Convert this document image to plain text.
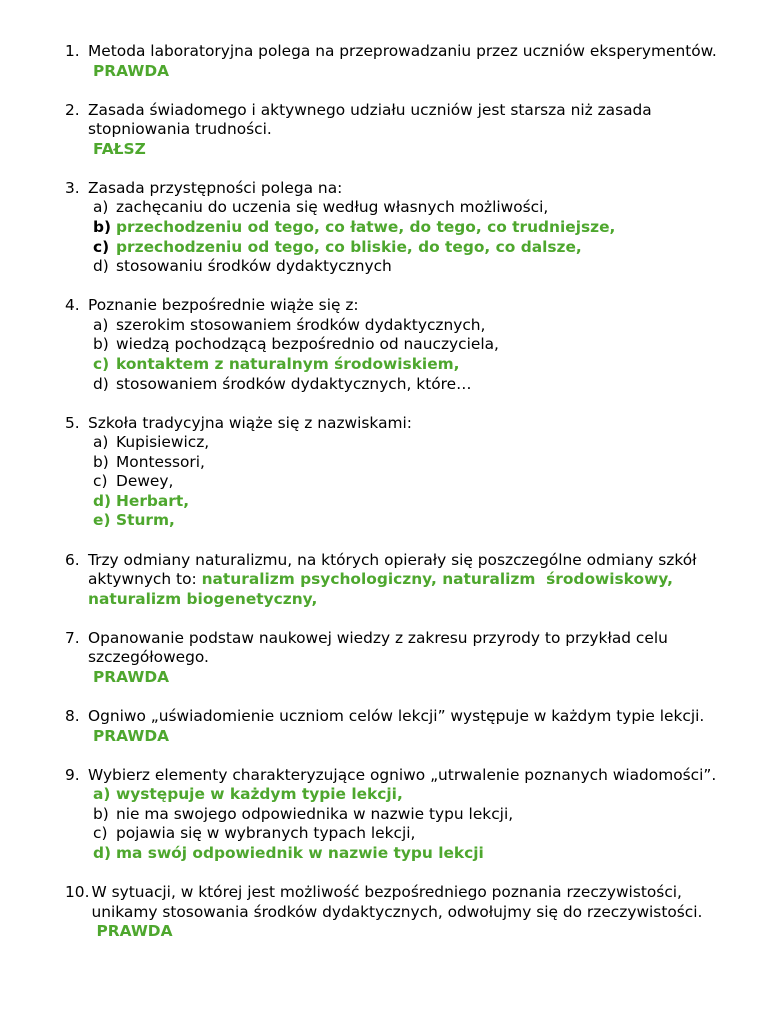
1. Metoda laboratoryjna polega na przeprowadzaniu przez uczniów eksperymentów.
PRAWDA
2. Zasada świadomego i aktywnego udziału uczniów jest starsza niż zasada stopniowania trudności.
FAŁSZ
3. Zasada przystępności polega na:
a) zachęcaniu do uczenia się według własnych możliwości,
b) przechodzeniu od tego, co łatwe, do tego, co trudniejsze,
c) przechodzeniu od tego, co bliskie, do tego, co dalsze,
d) stosowaniu środków dydaktycznych
4. Poznanie bezpośrednie wiąże się z:
a) szerokim stosowaniem środków dydaktycznych,
b) wiedzą pochodzącą bezpośrednio od nauczyciela,
c) kontaktem z naturalnym środowiskiem,
d) stosowaniem środków dydaktycznych, które…
5. Szkoła tradycyjna wiąże się z nazwiskami:
a) Kupisiewicz,
b) Montessori,
c) Dewey,
d) Herbart,
e) Sturm,
6. Trzy odmiany naturalizmu, na których opierały się poszczególne odmiany szkół aktywnych to: naturalizm psychologiczny, naturalizm  środowiskowy, naturalizm biogenetyczny,
7. Opanowanie podstaw naukowej wiedzy z zakresu przyrody to przykład celu szczegółowego.
PRAWDA
8. Ogniwo „uświadomienie uczniom celów lekcji” występuje w każdym typie lekcji.
PRAWDA
9. Wybierz elementy charakteryzujące ogniwo „utrwalenie poznanych wiadomości”.
a) występuje w każdym typie lekcji,
b) nie ma swojego odpowiednika w nazwie typu lekcji,
c) pojawia się w wybranych typach lekcji,
d) ma swój odpowiednik w nazwie typu lekcji
10. W sytuacji, w której jest możliwość bezpośredniego poznania rzeczywistości, unikamy stosowania środków dydaktycznych, odwołujmy się do rzeczywistości.
PRAWDA
